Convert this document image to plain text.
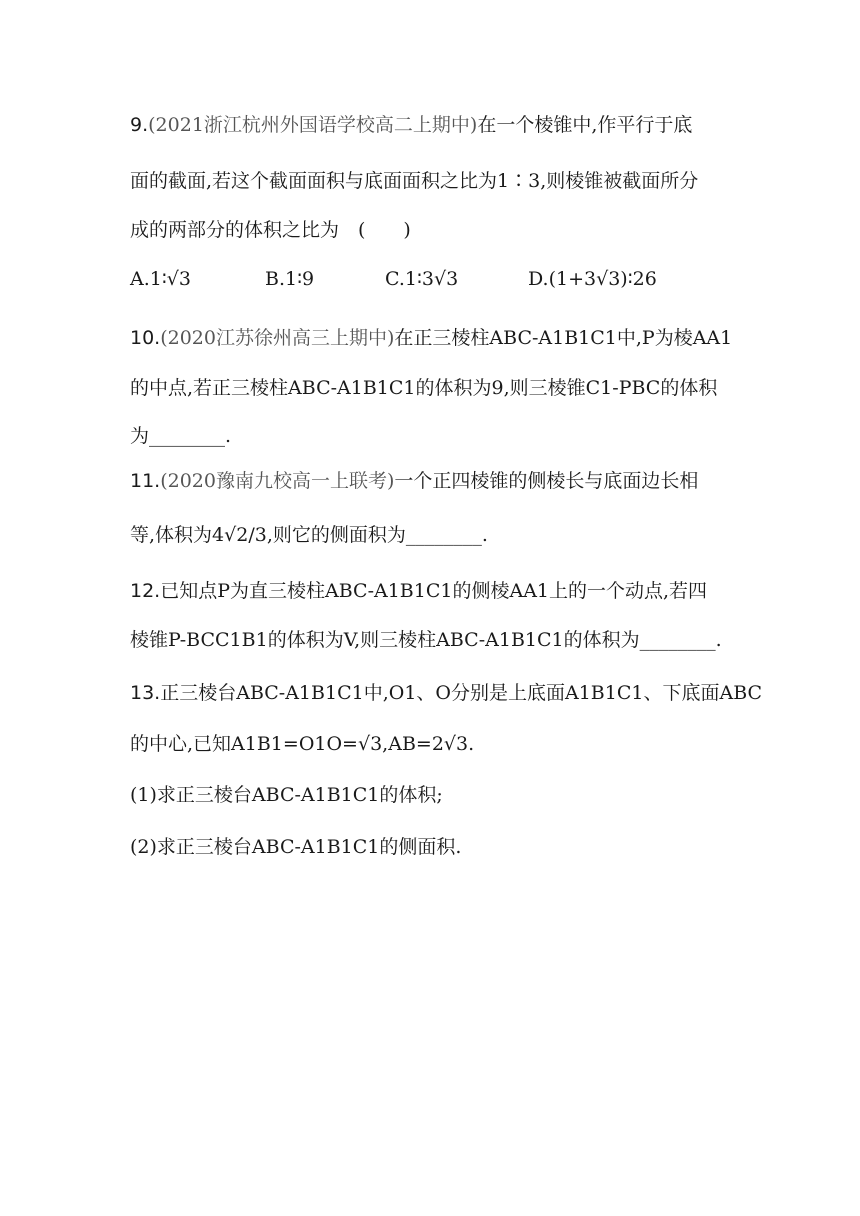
9.(2021浙江杭州外国语学校高二上期中)在一个棱锥中,作平行于底
面的截面,若这个截面面积与底面面积之比为1∶3,则棱锥被截面所分
成的两部分的体积之比为　(　　)
A.1∶√3	B.1∶9	C.1∶3√3	D.(1+3√3)∶26
10.(2020江苏徐州高三上期中)在正三棱柱ABC-A1B1C1中,P为棱AA1
的中点,若正三棱柱ABC-A1B1C1的体积为9,则三棱锥C1-PBC的体积
为________.
11.(2020豫南九校高一上联考)一个正四棱锥的侧棱长与底面边长相
等,体积为4√2/3,则它的侧面积为________.
12.已知点P为直三棱柱ABC-A1B1C1的侧棱AA1上的一个动点,若四
棱锥P-BCC1B1的体积为V,则三棱柱ABC-A1B1C1的体积为________.
13.正三棱台ABC-A1B1C1中,O1、O分别是上底面A1B1C1、下底面ABC
的中心,已知A1B1=O1O=√3,AB=2√3.
(1)求正三棱台ABC-A1B1C1的体积;
(2)求正三棱台ABC-A1B1C1的侧面积.
